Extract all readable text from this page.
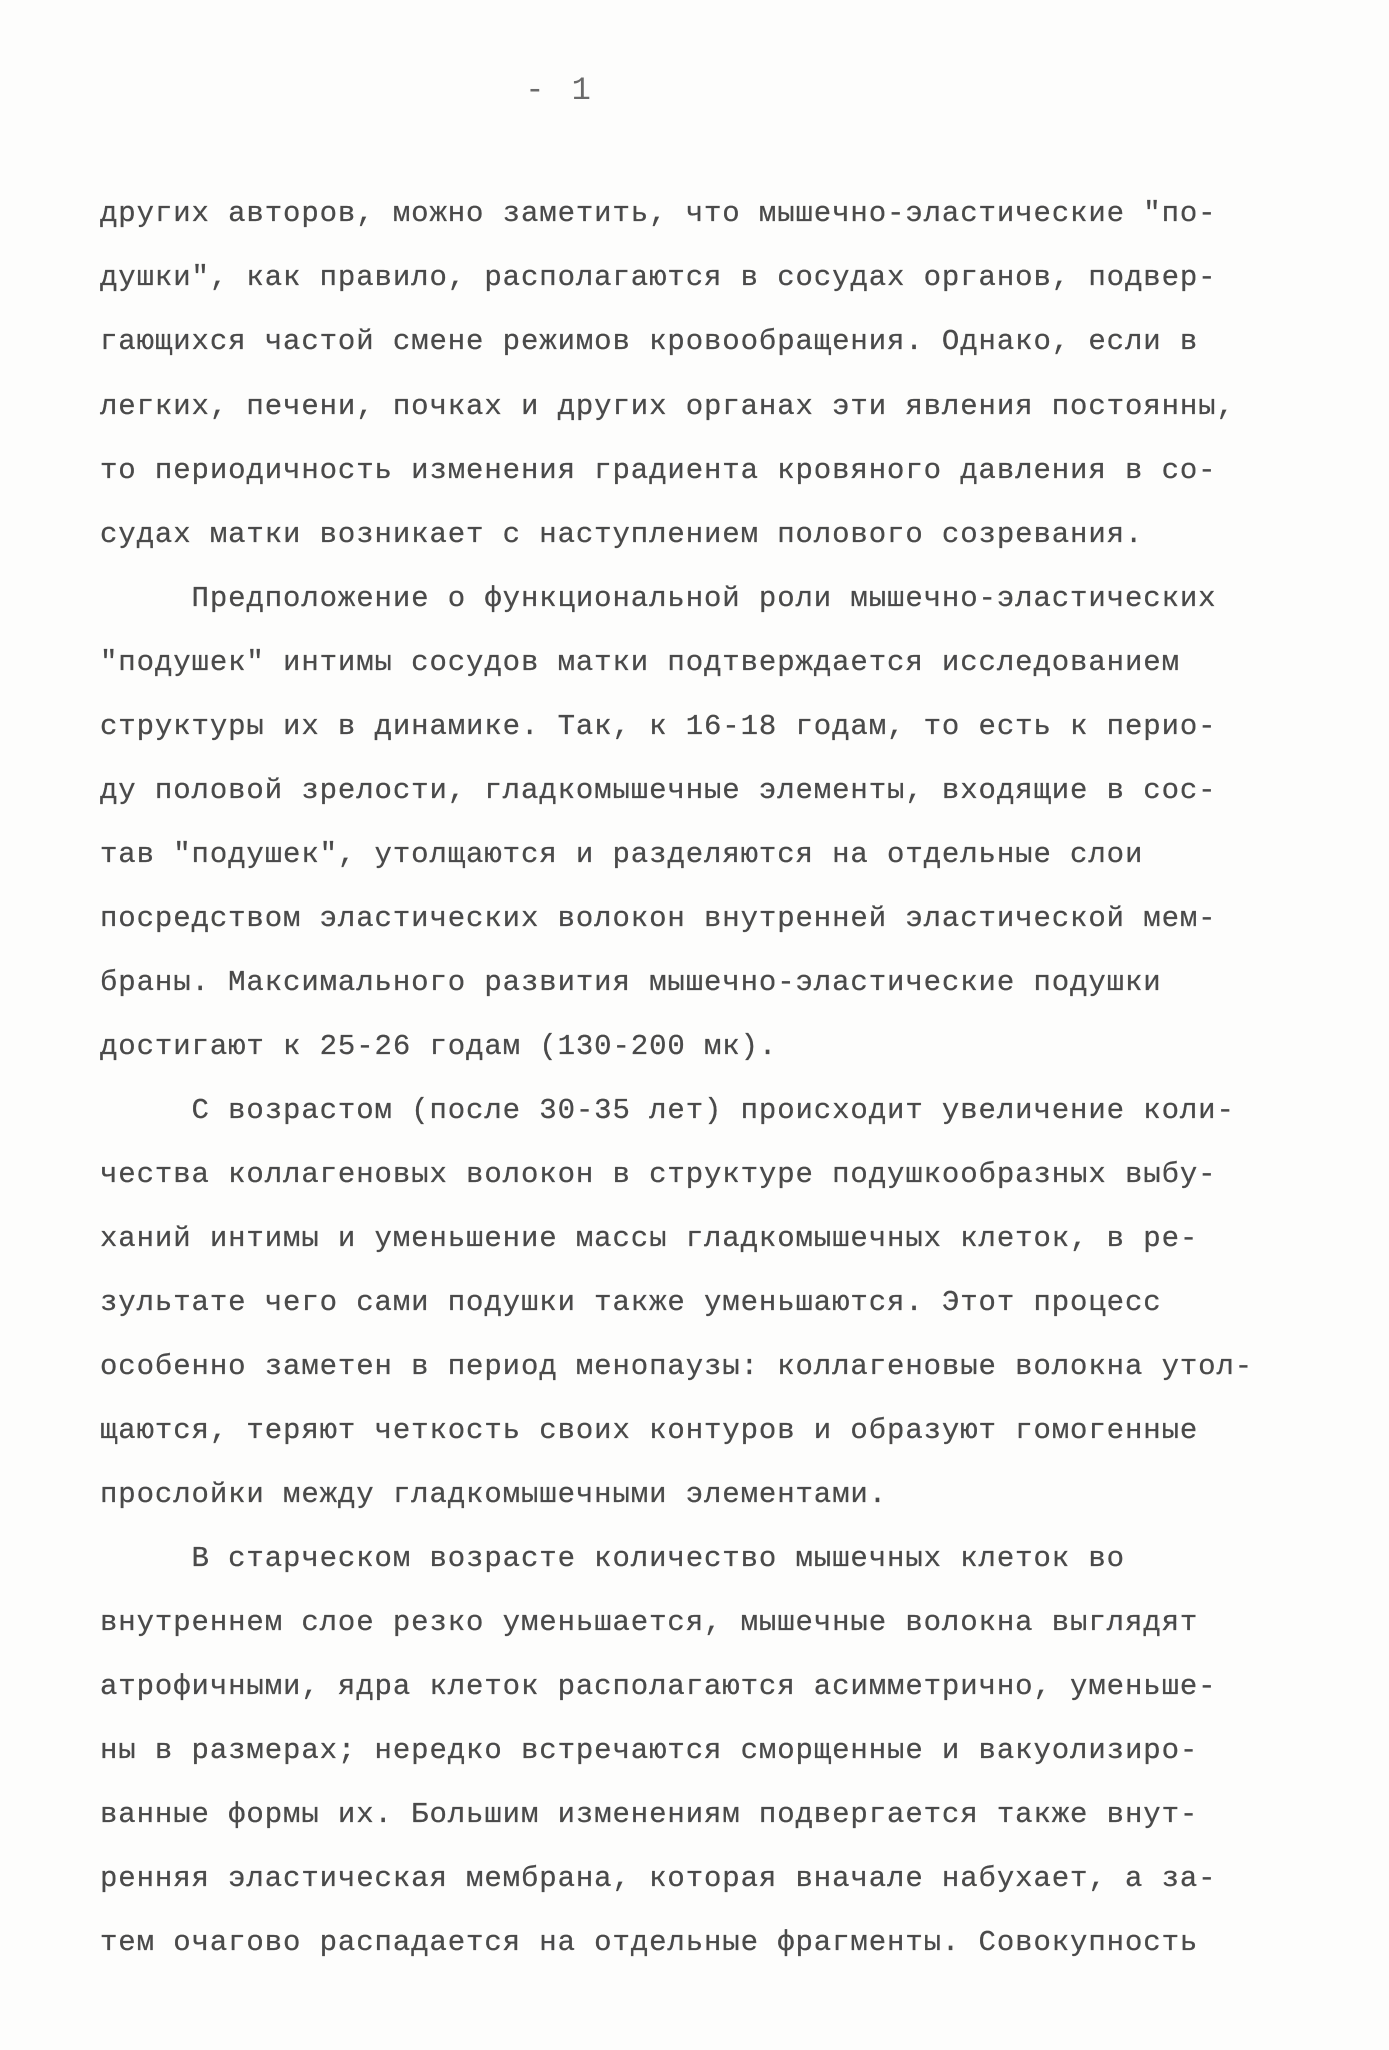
- 1
других авторов, можно заметить, что мышечно-эластические "по-
душки", как правило, располагаются в сосудах органов, подвер-
гающихся частой смене режимов кровообращения. Однако, если в
легких, печени, почках и других органах эти явления постоянны,
то периодичность изменения градиента кровяного давления в со-
судах матки возникает с наступлением полового созревания.
Предположение о функциональной роли мышечно-эластических
"подушек" интимы сосудов матки подтверждается исследованием
структуры их в динамике. Так, к 16-18 годам, то есть к перио-
ду половой зрелости, гладкомышечные элементы, входящие в сос-
тав "подушек", утолщаются и разделяются на отдельные слои
посредством эластических волокон внутренней эластической мем-
браны. Максимального развития мышечно-эластические подушки
достигают к 25-26 годам (130-200 мк).
С возрастом (после 30-35 лет) происходит увеличение коли-
чества коллагеновых волокон в структуре подушкообразных выбу-
ханий интимы и уменьшение массы гладкомышечных клеток, в ре-
зультате чего сами подушки также уменьшаются. Этот процесс
особенно заметен в период менопаузы: коллагеновые волокна утол-
щаются, теряют четкость своих контуров и образуют гомогенные
прослойки между гладкомышечными элементами.
В старческом возрасте количество мышечных клеток во
внутреннем слое резко уменьшается, мышечные волокна выглядят
атрофичными, ядра клеток располагаются асимметрично, уменьше-
ны в размерах; нередко встречаются сморщенные и вакуолизиро-
ванные формы их. Большим изменениям подвергается также внут-
ренняя эластическая мембрана, которая вначале набухает, а за-
тем очагово распадается на отдельные фрагменты. Совокупность
